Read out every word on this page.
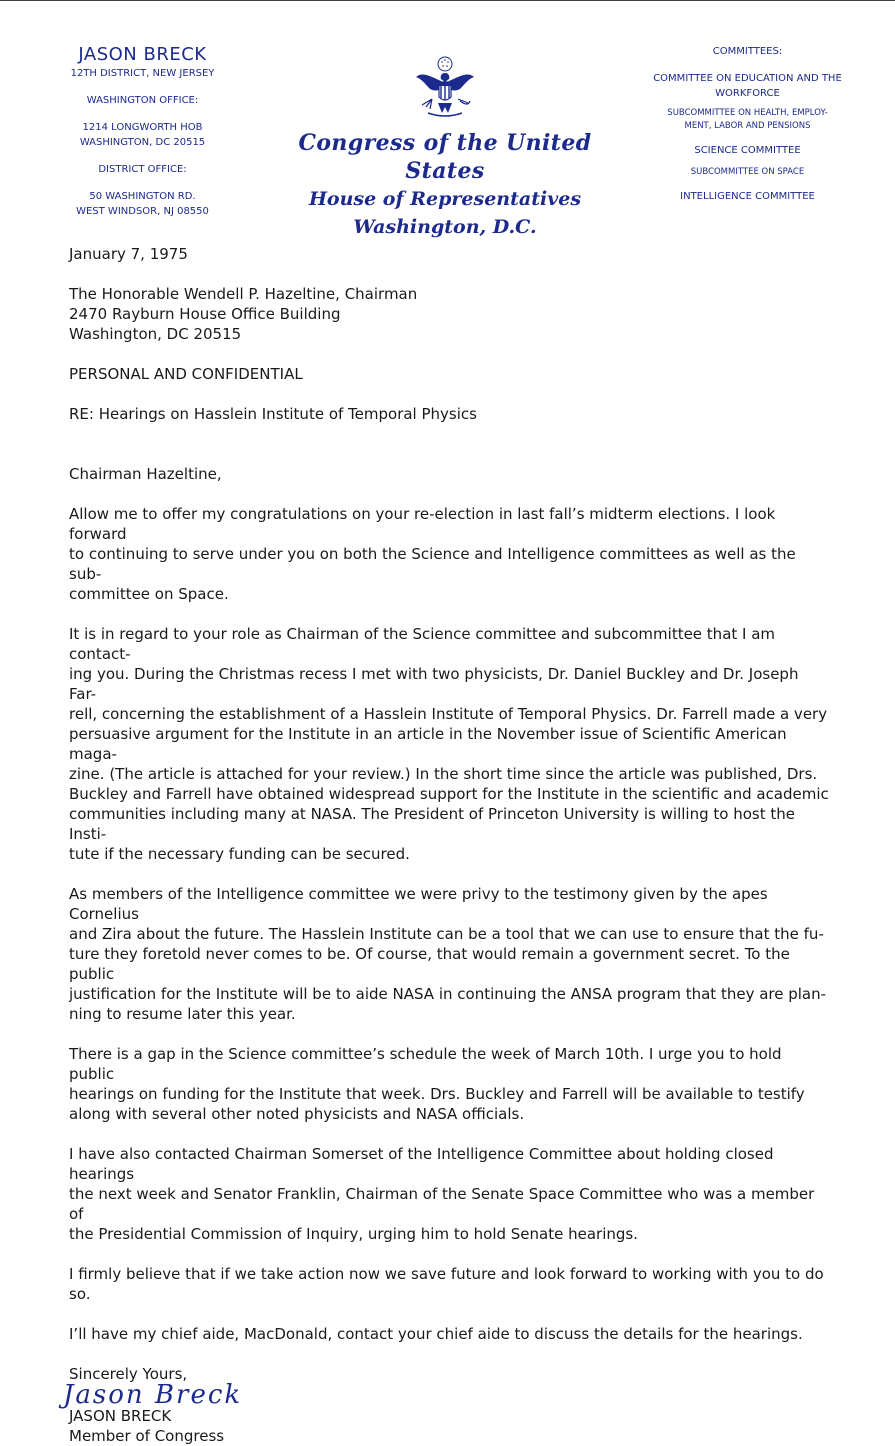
JASON BRECK
12TH DISTRICT, NEW JERSEY
WASHINGTON OFFICE:
1214 LONGWORTH HOB
WASHINGTON, DC 20515
DISTRICT OFFICE:
50 WASHINGTON RD.
WEST WINDSOR, NJ 08550
Congress of the United States
House of Representatives
Washington, D.C.
COMMITTEES:
COMMITTEE ON EDUCATION AND THE
WORKFORCE
SUBCOMMITTEE ON HEALTH, EMPLOY-
MENT, LABOR AND PENSIONS
SCIENCE COMMITTEE
SUBCOMMITTEE ON SPACE
INTELLIGENCE COMMITTEE

January 7, 1975

The Honorable Wendell P. Hazeltine, Chairman

2470 Rayburn House Office Building

Washington, DC 20515

PERSONAL AND CONFIDENTIAL

RE: Hearings on Hasslein Institute of Temporal Physics

Chairman Hazeltine,

Allow me to offer my congratulations on your re-election in last fall’s midterm elections. I look forward

to continuing to serve under you on both the Science and Intelligence committees as well as the sub-

committee on Space.

It is in regard to your role as Chairman of the Science committee and subcommittee that I am contact-

ing you. During the Christmas recess I met with two physicists, Dr. Daniel Buckley and Dr. Joseph Far-

rell, concerning the establishment of a Hasslein Institute of Temporal Physics. Dr. Farrell made a very

persuasive argument for the Institute in an article in the November issue of Scientific American maga-

zine. (The article is attached for your review.) In the short time since the article was published, Drs.

Buckley and Farrell have obtained widespread support for the Institute in the scientific and academic

communities including many at NASA. The President of Princeton University is willing to host the Insti-

tute if the necessary funding can be secured.

As members of the Intelligence committee we were privy to the testimony given by the apes Cornelius

and Zira about the future. The Hasslein Institute can be a tool that we can use to ensure that the fu-

ture they foretold never comes to be. Of course, that would remain a government secret. To the public

justification for the Institute will be to aide NASA in continuing the ANSA program that they are plan-

ning to resume later this year.

There is a gap in the Science committee’s schedule the week of March 10th. I urge you to hold public

hearings on funding for the Institute that week. Drs. Buckley and Farrell will be available to testify

along with several other noted physicists and NASA officials.

I have also contacted Chairman Somerset of the Intelligence Committee about holding closed hearings

the next week and Senator Franklin, Chairman of the Senate Space Committee who was a member of

the Presidential Commission of Inquiry, urging him to hold Senate hearings.

I firmly believe that if we take action now we save future and look forward to working with you to do

so.

I’ll have my chief aide, MacDonald, contact your chief aide to discuss the details for the hearings.

Sincerely Yours,

Jason Breck

JASON BRECK

Member of Congress
